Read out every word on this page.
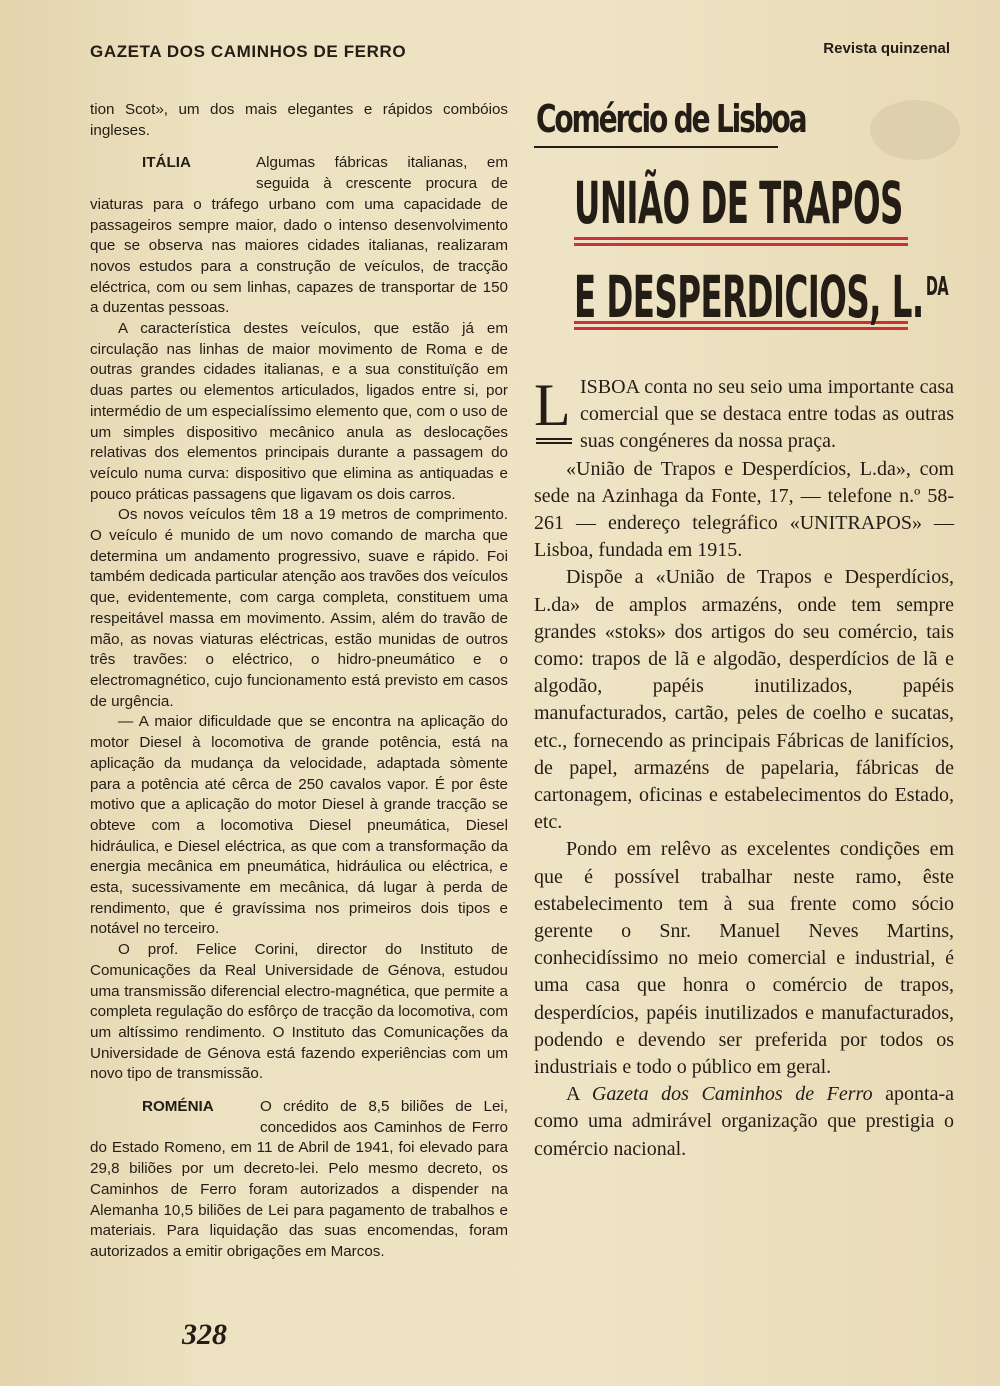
GAZETA DOS CAMINHOS DE FERRO	Revista quinzenal

tion Scot», um dos mais elegantes e rápidos combóios ingleses.

ITÁLIA	Algumas fábricas italianas, em seguida à crescente procura de viaturas para o tráfego urbano com uma capacidade de passageiros sempre maior, dado o intenso desenvolvimento que se observa nas maiores cidades italianas, realizaram novos estudos para a construção de veículos, de tracção eléctrica, com ou sem linhas, capazes de transportar de 150 a duzentas pessoas.

A característica destes veículos, que estão já em circulação nas linhas de maior movimento de Roma e de outras grandes cidades italianas, e a sua constituïção em duas partes ou elementos articulados, ligados entre si, por intermédio de um especialíssimo elemento que, com o uso de um simples dispositivo mecânico anula as deslocações relativas dos elementos principais durante a passagem do veículo numa curva: dispositivo que elimina as antiquadas e pouco práticas passagens que ligavam os dois carros.

Os novos veículos têm 18 a 19 metros de comprimento. O veículo é munido de um novo comando de marcha que determina um andamento progressivo, suave e rápido. Foi também dedicada particular atenção aos travões dos veículos que, evidentemente, com carga completa, constituem uma respeitável massa em movimento. Assim, além do travão de mão, as novas viaturas eléctricas, estão munidas de outros três travões: o eléctrico, o hidro-pneumático e o electromagnético, cujo funcionamento está previsto em casos de urgência.

— A maior dificuldade que se encontra na aplicação do motor Diesel à locomotiva de grande potência, está na aplicação da mudança da velocidade, adaptada sòmente para a potência até cêrca de 250 cavalos vapor. É por êste motivo que a aplicação do motor Diesel à grande tracção se obteve com a locomotiva Diesel pneumática, Diesel hidráulica, e Diesel eléctrica, as que com a transformação da energia mecânica em pneumática, hidráulica ou eléctrica, e esta, sucessivamente em mecânica, dá lugar à perda de rendimento, que é gravíssima nos primeiros dois tipos e notável no terceiro.

O prof. Felice Corini, director do Instituto de Comunicações da Real Universidade de Génova, estudou uma transmissão diferencial electro-magnética, que permite a completa regulação do esfôrço de tracção da locomotiva, com um altíssimo rendimento. O Instituto das Comunicações da Universidade de Génova está fazendo experiências com um novo tipo de transmissão.

ROMÉNIA	O crédito de 8,5 biliões de Lei, concedidos aos Caminhos de Ferro do Estado Romeno, em 11 de Abril de 1941, foi elevado para 29,8 biliões por um decreto-lei. Pelo mesmo decreto, os Caminhos de Ferro foram autorizados a dispender na Alemanha 10,5 biliões de Lei para pagamento de trabalhos e materiais. Para liquidação das suas encomendas, foram autorizados a emitir obrigações em Marcos.

Comércio de Lisboa
UNIÃO DE TRAPOS
E DESPERDICIOS, L.$^{DA}$

L ISBOA conta no seu seio uma importante casa comercial que se destaca entre todas as outras suas congéneres da nossa praça.

«União de Trapos e Desperdícios, L.da», com sede na Azinhaga da Fonte, 17, — telefone n.º 58-261 — endereço telegráfico «UNITRAPOS» — Lisboa, fundada em 1915.

Dispõe a «União de Trapos e Desperdícios, L.da» de amplos armazéns, onde tem sempre grandes «stoks» dos artigos do seu comércio, tais como: trapos de lã e algodão, desperdícios de lã e algodão, papéis inutilizados, papéis manufacturados, cartão, peles de coelho e sucatas, etc., fornecendo as principais Fábricas de lanifícios, de papel, armazéns de papelaria, fábricas de cartonagem, oficinas e estabelecimentos do Estado, etc.

Pondo em relêvo as excelentes condições em que é possível trabalhar neste ramo, êste estabelecimento tem à sua frente como sócio gerente o Snr. Manuel Neves Martins, conhecidíssimo no meio comercial e industrial, é uma casa que honra o comércio de trapos, desperdícios, papéis inutilizados e manufacturados, podendo e devendo ser preferida por todos os industriais e todo o público em geral.

A Gazeta dos Caminhos de Ferro aponta-a como uma admirável organização que prestigia o comércio nacional.

328
